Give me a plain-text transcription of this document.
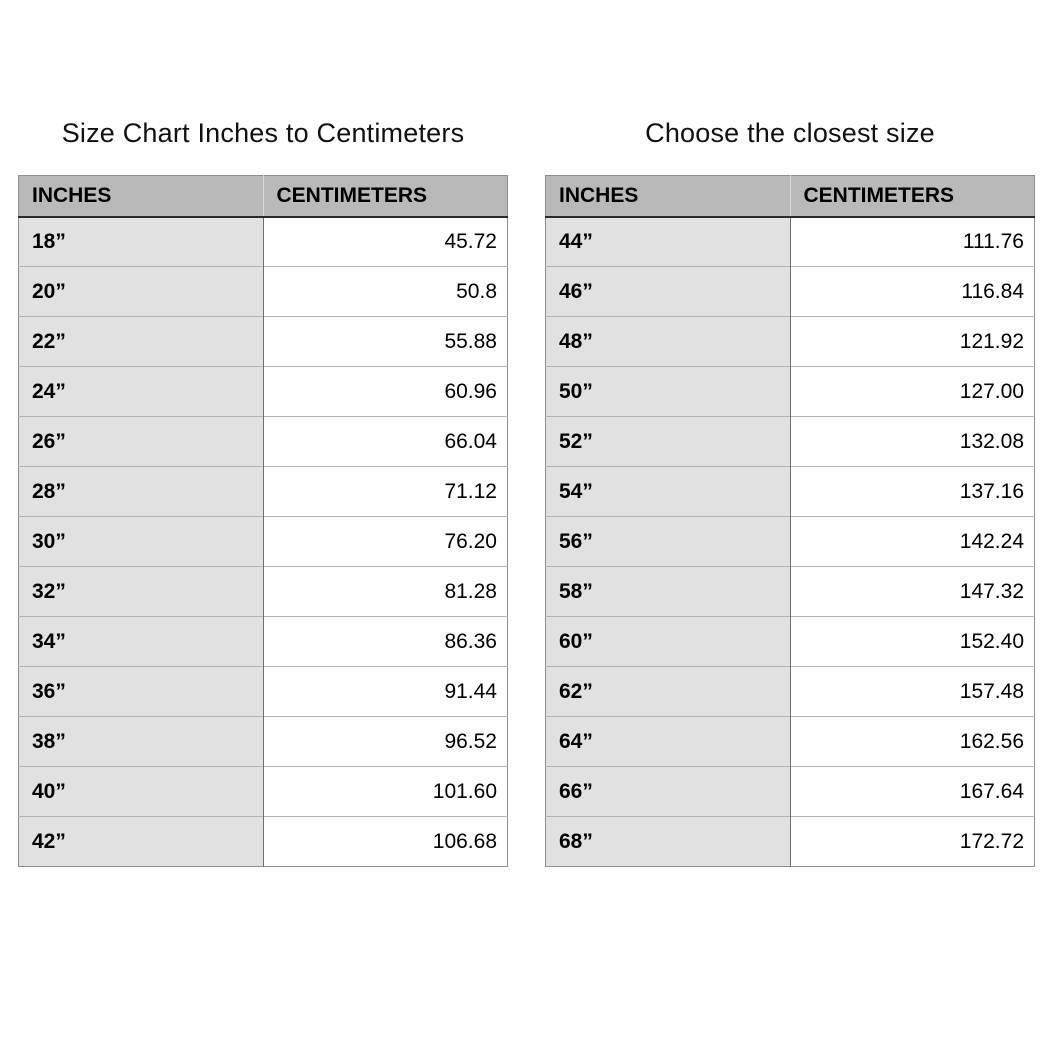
Size Chart Inches to Centimeters
INCHES	CENTIMETERS
18”	45.72
20”	50.8
22”	55.88
24”	60.96
26”	66.04
28”	71.12
30”	76.20
32”	81.28
34”	86.36
36”	91.44
38”	96.52
40”	101.60
42”	106.68
Choose the closest size
INCHES	CENTIMETERS
44”	111.76
46”	116.84
48”	121.92
50”	127.00
52”	132.08
54”	137.16
56”	142.24
58”	147.32
60”	152.40
62”	157.48
64”	162.56
66”	167.64
68”	172.72
